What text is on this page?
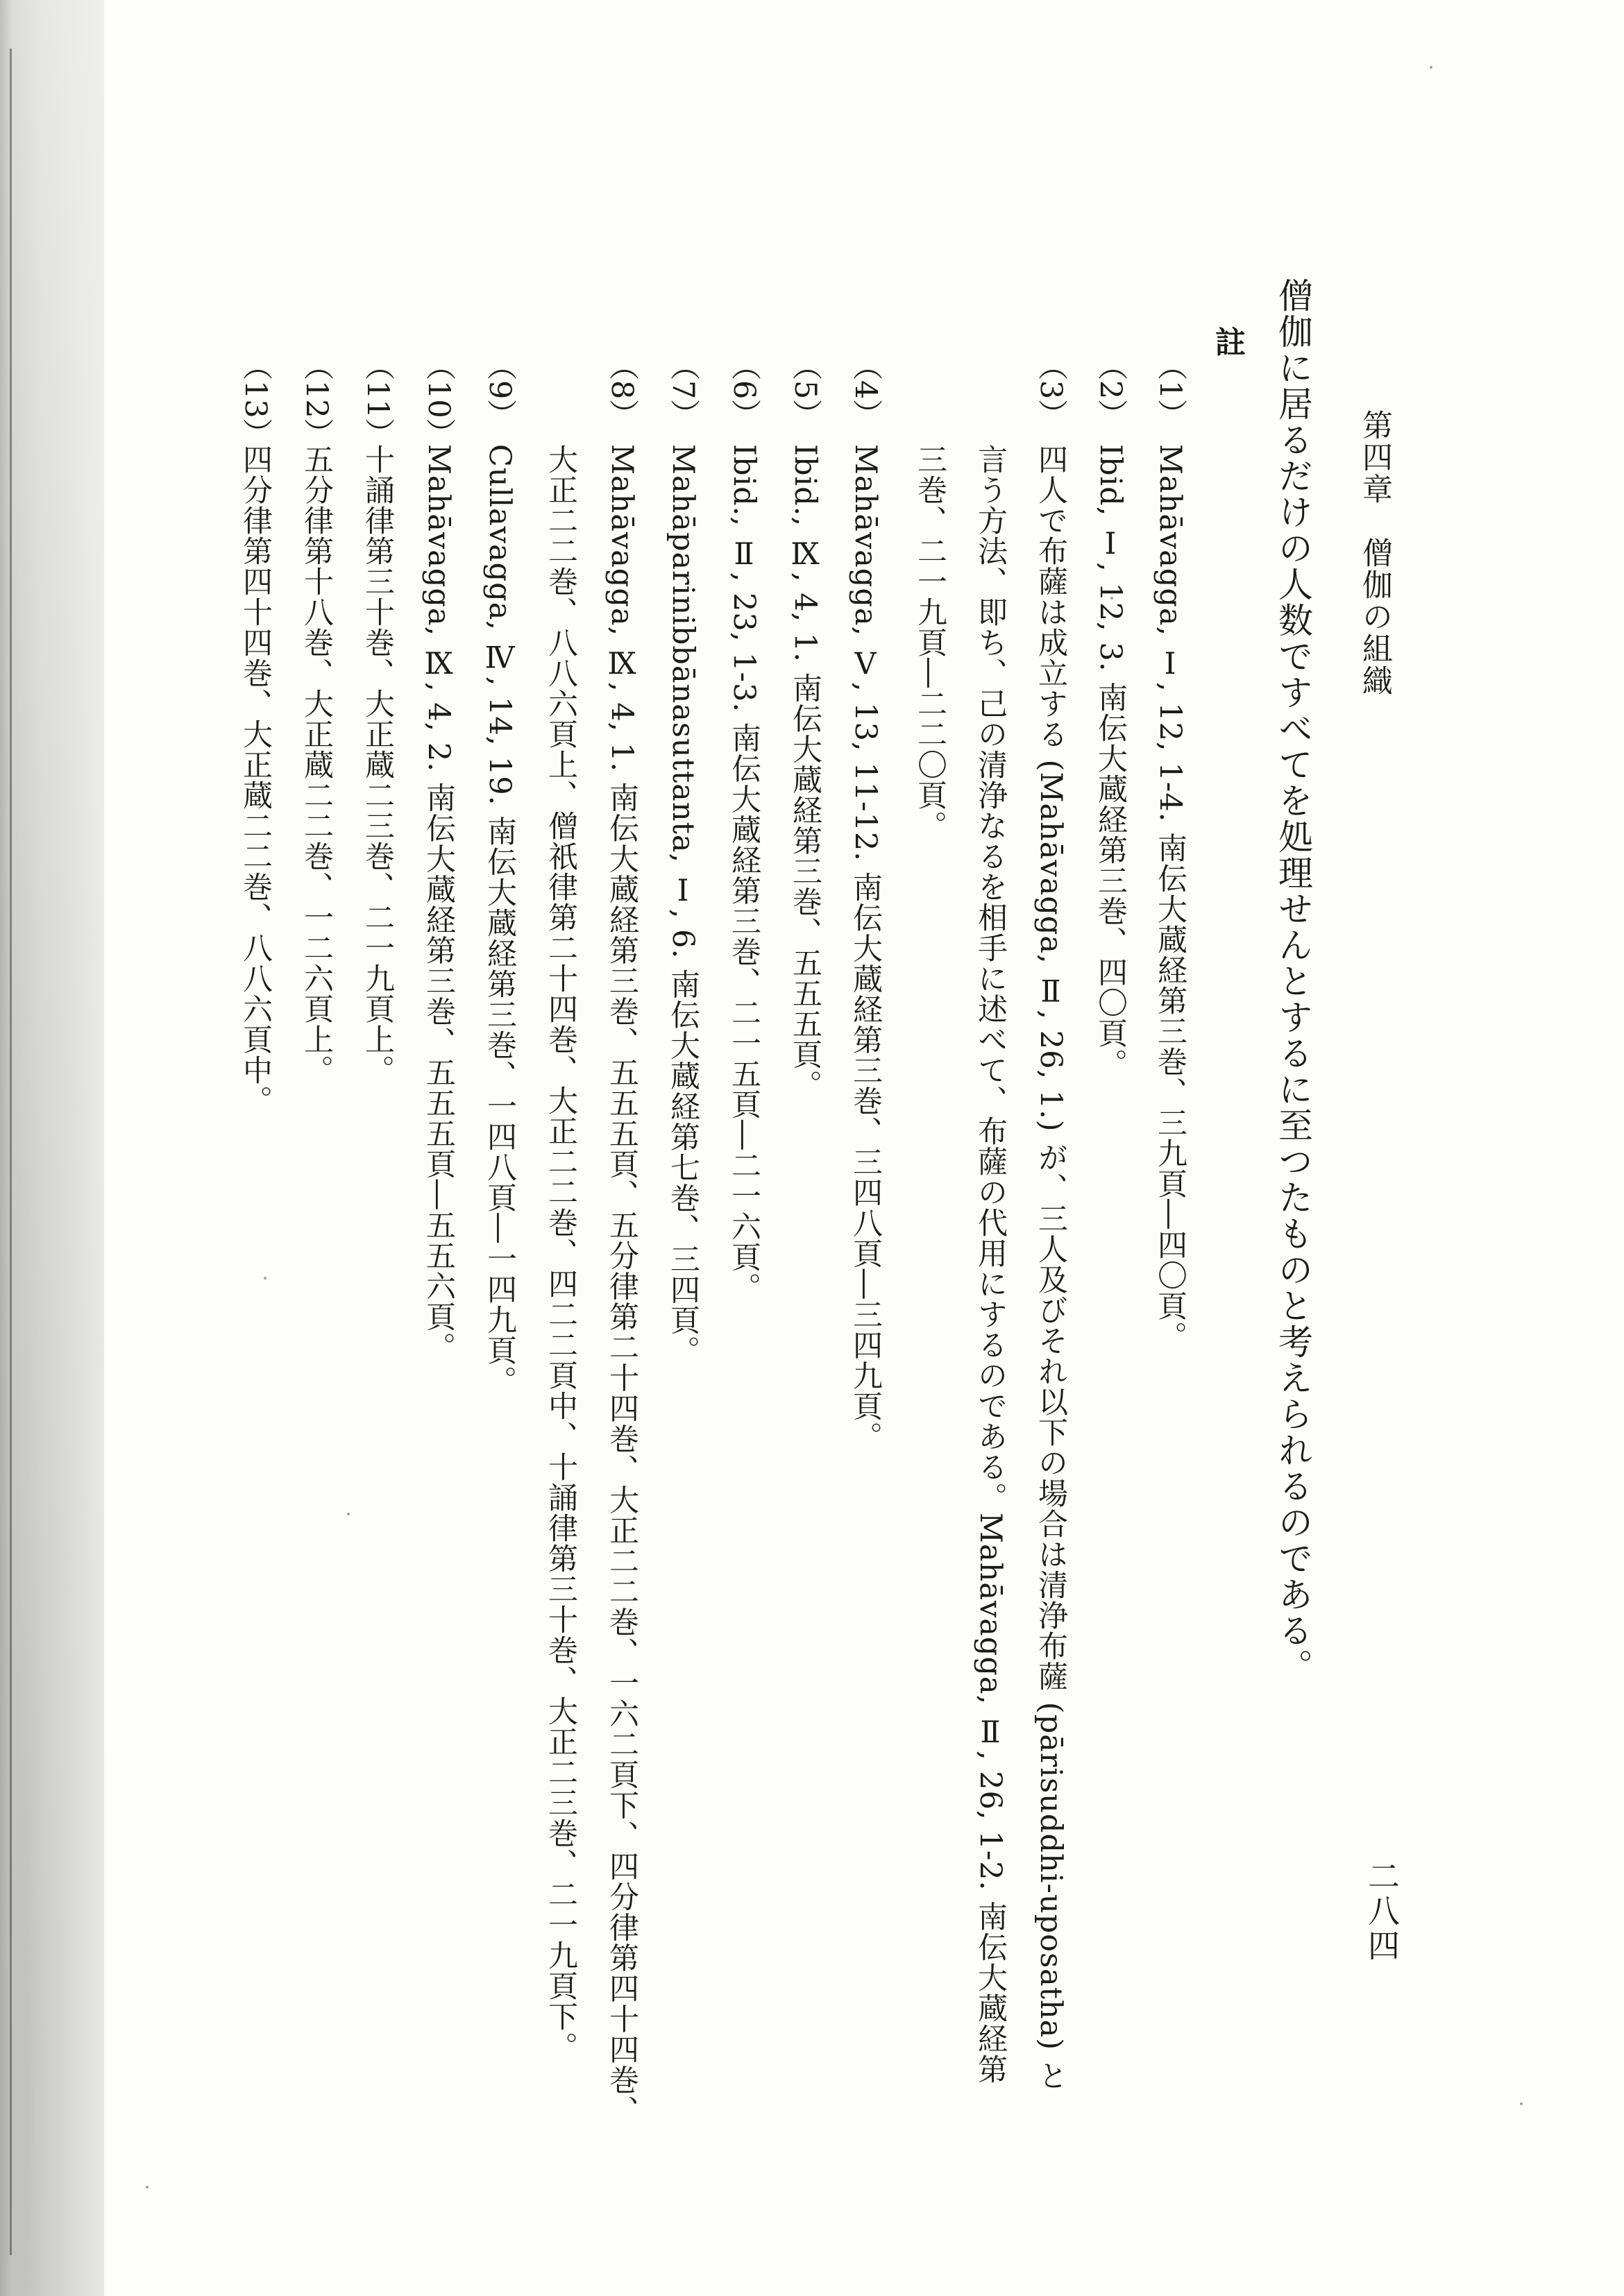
二八四
第四章　僧伽の組織
僧伽に居るだけの人数ですべてを処理せんとするに至つたものと考えられるのである。
註
（1）
Mahāvagga, Ⅰ, 12, 1-4. 南伝大蔵経第三巻、三九頁―四〇頁。
（2）
Ibid, Ⅰ, 12, 3. 南伝大蔵経第三巻、四〇頁。
（3）
四人で布薩は成立する (Mahāvagga, Ⅱ, 26, 1.) が、三人及びそれ以下の場合は清浄布薩 (pārisuddhi-uposatha) と
言う方法、即ち、己の清浄なるを相手に述べて、布薩の代用にするのである。Mahāvagga, Ⅱ, 26, 1-2. 南伝大蔵経第
三巻、二一九頁―二二〇頁。
（4）
Mahāvagga, Ⅴ, 13, 11-12. 南伝大蔵経第三巻、三四八頁―三四九頁。
（5）
Ibid., Ⅸ, 4, 1. 南伝大蔵経第三巻、五五五頁。
（6）
Ibid., Ⅱ, 23, 1-3. 南伝大蔵経第三巻、二一五頁―二一六頁。
（7）
Mahāparinibbānasuttanta, Ⅰ, 6. 南伝大蔵経第七巻、三四頁。
（8）
Mahāvagga, Ⅸ, 4, 1. 南伝大蔵経第三巻、五五五頁、五分律第二十四巻、大正二二巻、一六二頁下、四分律第四十四巻、
大正二二巻、八八六頁上、僧祇律第二十四巻、大正二二巻、四二二頁中、十誦律第三十巻、大正二三巻、二一九頁下。
（9）
Cullavagga, Ⅳ, 14, 19. 南伝大蔵経第三巻、一四八頁―一四九頁。
（10）
Mahāvagga, Ⅸ, 4, 2. 南伝大蔵経第三巻、五五五頁―五五六頁。
（11）
十誦律第三十巻、大正蔵二三巻、二一九頁上。
（12）
五分律第十八巻、大正蔵二二巻、一二六頁上。
（13）
四分律第四十四巻、大正蔵二二巻、八八六頁中。
